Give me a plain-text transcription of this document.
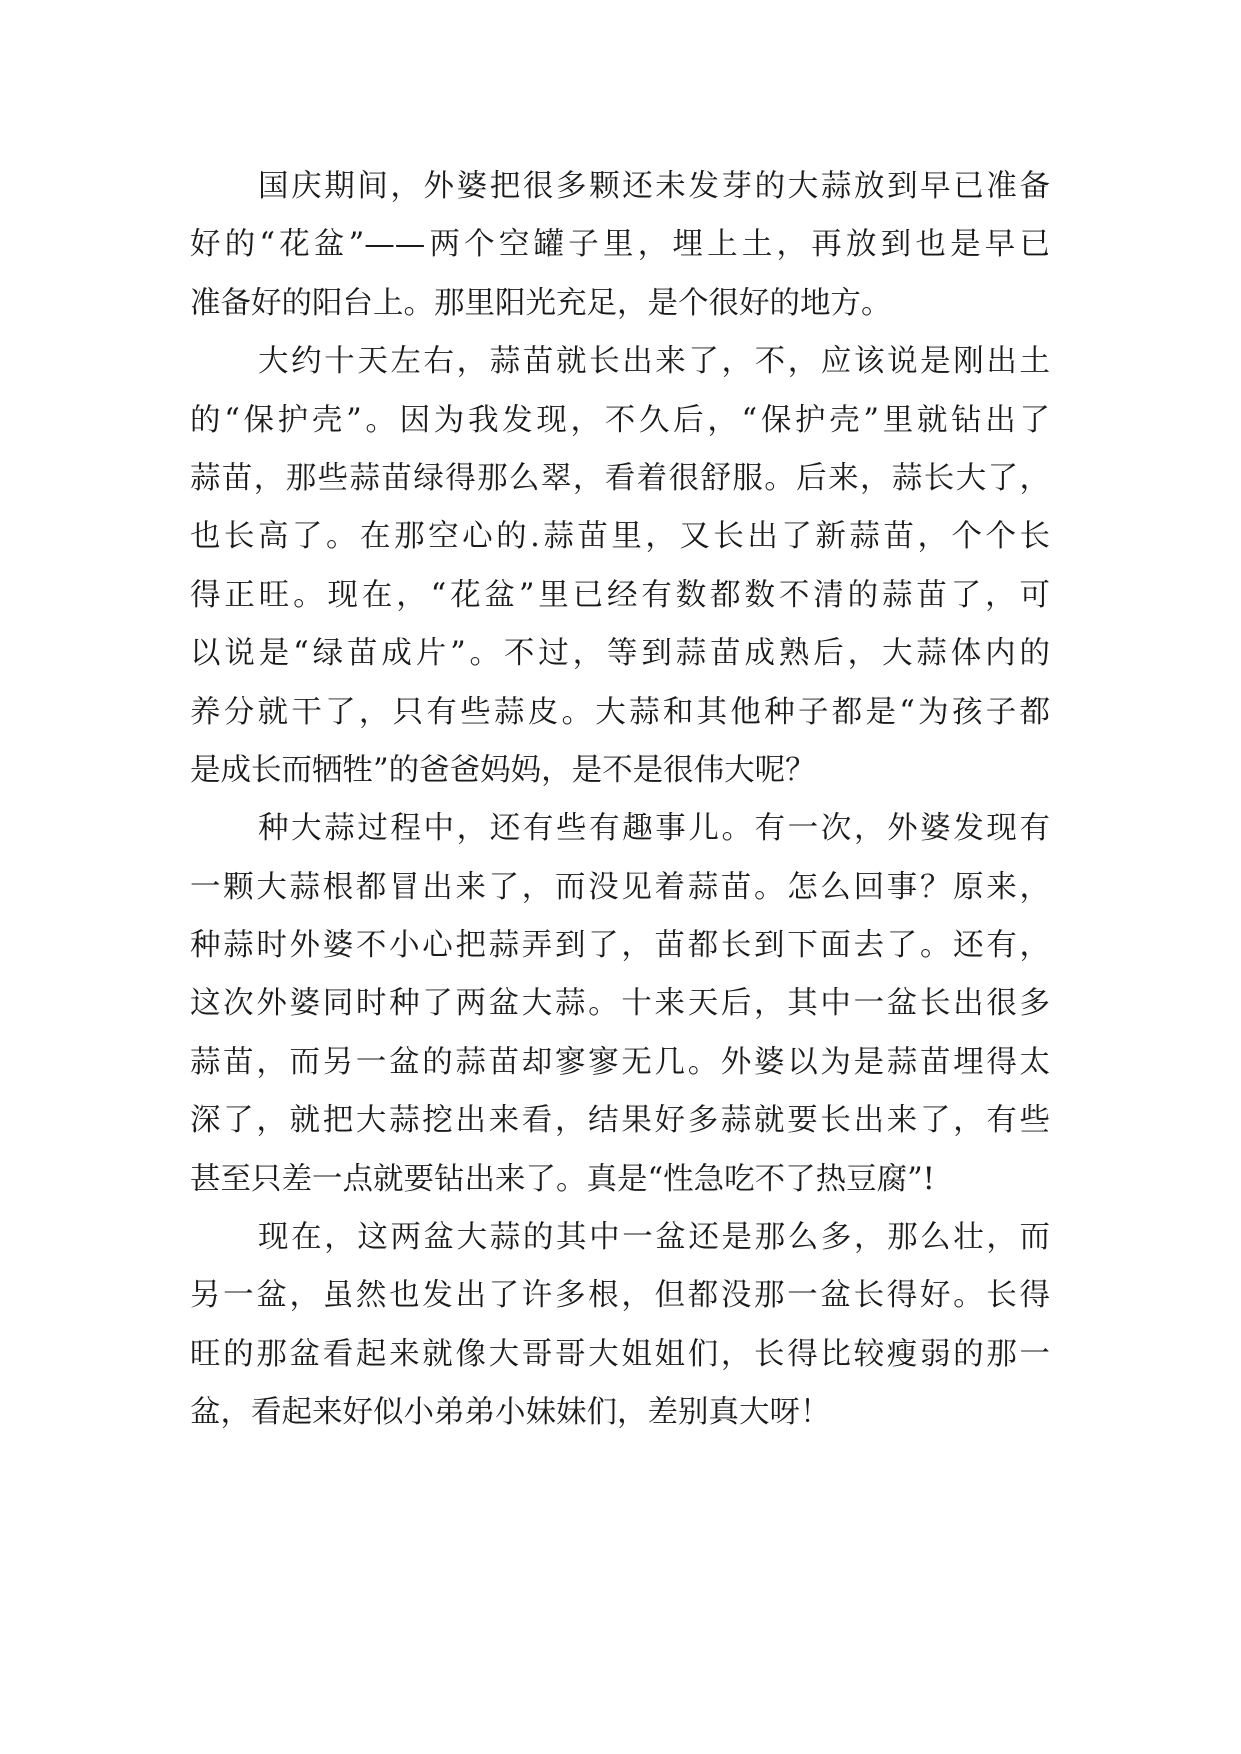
国庆期间，外婆把很多颗还未发芽的大蒜放到早已准备
好的“花盆”——两个空罐子里，埋上土，再放到也是早已
准备好的阳台上。那里阳光充足，是个很好的地方。
大约十天左右，蒜苗就长出来了，不，应该说是刚出土
的“保护壳”。因为我发现，不久后，“保护壳”里就钻出了
蒜苗，那些蒜苗绿得那么翠，看着很舒服。后来，蒜长大了，
也长高了。在那空心的.蒜苗里，又长出了新蒜苗，个个长
得正旺。现在，“花盆”里已经有数都数不清的蒜苗了，可
以说是“绿苗成片”。不过，等到蒜苗成熟后，大蒜体内的
养分就干了，只有些蒜皮。大蒜和其他种子都是“为孩子都
是成长而牺牲”的爸爸妈妈，是不是很伟大呢？
种大蒜过程中，还有些有趣事儿。有一次，外婆发现有
一颗大蒜根都冒出来了，而没见着蒜苗。怎么回事？原来，
种蒜时外婆不小心把蒜弄到了，苗都长到下面去了。还有，
这次外婆同时种了两盆大蒜。十来天后，其中一盆长出很多
蒜苗，而另一盆的蒜苗却寥寥无几。外婆以为是蒜苗埋得太
深了，就把大蒜挖出来看，结果好多蒜就要长出来了，有些
甚至只差一点就要钻出来了。真是“性急吃不了热豆腐”!
现在，这两盆大蒜的其中一盆还是那么多，那么壮，而
另一盆，虽然也发出了许多根，但都没那一盆长得好。长得
旺的那盆看起来就像大哥哥大姐姐们，长得比较瘦弱的那一
盆，看起来好似小弟弟小妹妹们，差别真大呀！
